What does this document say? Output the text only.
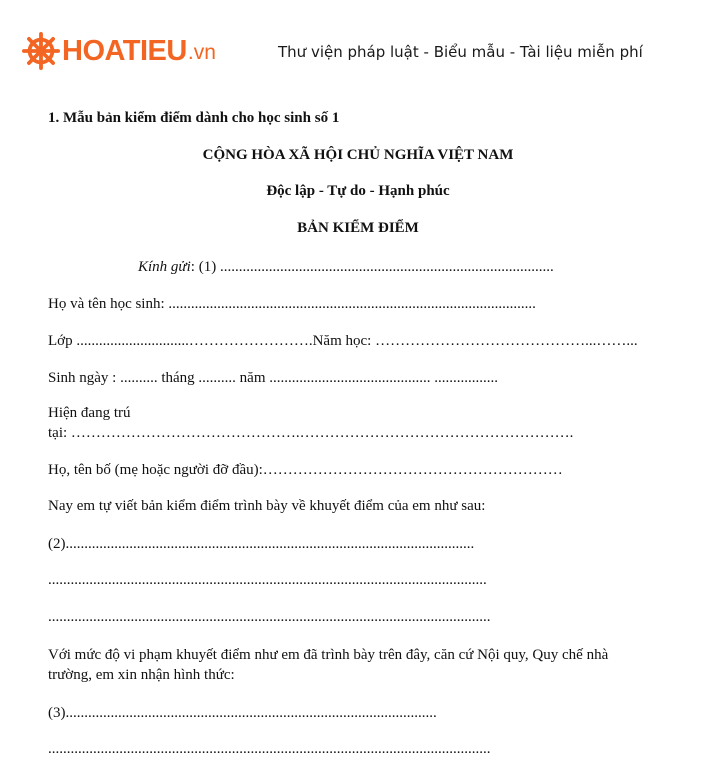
HOATIEU .vn	Thư viện pháp luật - Biểu mẫu - Tài liệu miễn phí
1. Mẫu bản kiểm điểm dành cho học sinh số 1
CỘNG HÒA XÃ HỘI CHỦ NGHĨA VIỆT NAM
Độc lập - Tự do - Hạnh phúc
BẢN KIỂM ĐIỂM
Kính gửi: (1) .........................................................................................
Họ và tên học sinh: ..................................................................................................
Lớp ..............................…………………….Năm học: ……………………………………...……...
Sinh ngày : .......... tháng .......... năm ........................................... .................
Hiện đang trú
tại: ……………………………………….……………………………………………….
Họ, tên bố (mẹ hoặc người đỡ đầu):……………………………………………………
Nay em tự viết bản kiểm điểm trình bày về khuyết điểm của em như sau:
(2).............................................................................................................
.....................................................................................................................
......................................................................................................................
Với mức độ vi phạm khuyết điểm như em đã trình bày trên đây, căn cứ Nội quy, Quy chế nhà
trường, em xin nhận hình thức:
(3)...................................................................................................
......................................................................................................................
